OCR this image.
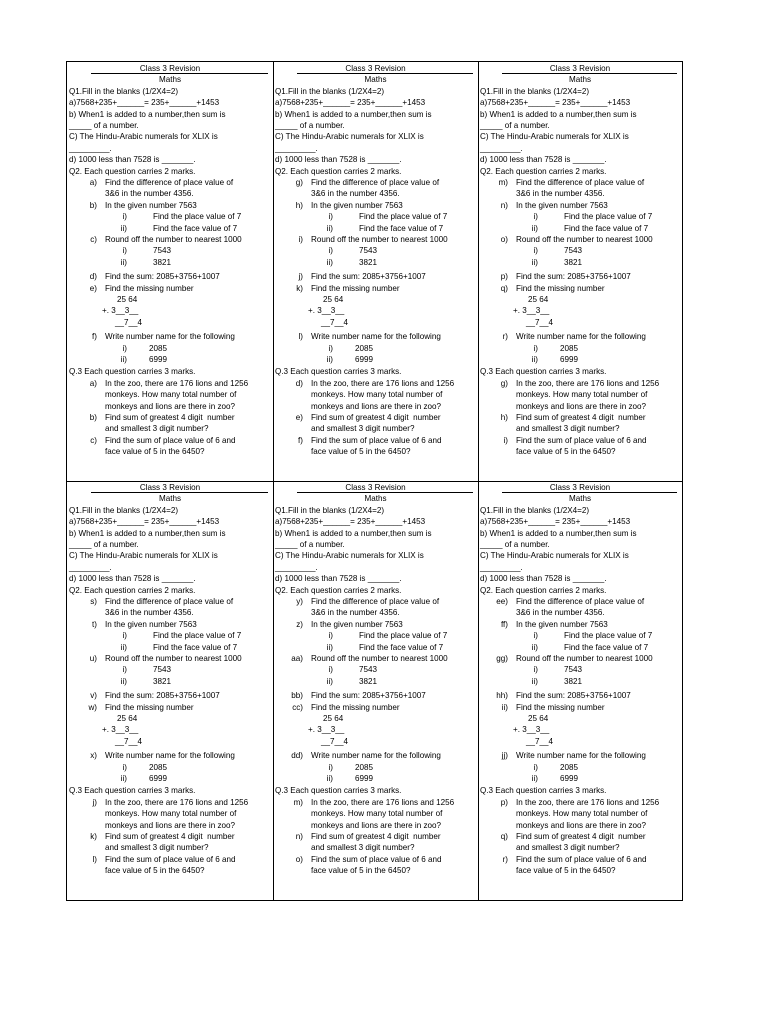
Class 3 Revision
Maths
Q1.Fill in the blanks (1/2X4=2)
a)7568+235+______= 235+______+1453
b) When1 is added to a number,then sum is
_____ of a number.
C) The Hindu-Arabic numerals for XLIX is
_________.
d) 1000 less than 7528 is _______.
Q2. Each question carries 2 marks.
a) Find the difference of place value of
3&6 in the number 4356.
b) In the given number 7563
i)	Find the place value of 7
ii)	Find the face value of 7
c) Round off the number to nearest 1000
i)	7543
ii)	3821
d) Find the sum: 2085+3756+1007
e) Find the missing number
25 64
+. 3__3__
__7__4
f) Write number name for the following
i)	2085
ii)	6999
Q.3 Each question carries 3 marks.
a) In the zoo, there are 176 lions and 1256
monkeys. How many total number of
monkeys and lions are there in zoo?
b) Find sum of greatest 4 digit  number
and smallest 3 digit number?
c) Find the sum of place value of 6 and
face value of 5 in the 6450?
Class 3 Revision
Maths
Q1.Fill in the blanks (1/2X4=2)
a)7568+235+______= 235+______+1453
b) When1 is added to a number,then sum is
_____ of a number.
C) The Hindu-Arabic numerals for XLIX is
_________.
d) 1000 less than 7528 is _______.
Q2. Each question carries 2 marks.
g) Find the difference of place value of
3&6 in the number 4356.
h) In the given number 7563
i)	Find the place value of 7
ii)	Find the face value of 7
i) Round off the number to nearest 1000
i)	7543
ii)	3821
j) Find the sum: 2085+3756+1007
k) Find the missing number
25 64
+. 3__3__
__7__4
l) Write number name for the following
i)	2085
ii)	6999
Q.3 Each question carries 3 marks.
d) In the zoo, there are 176 lions and 1256
monkeys. How many total number of
monkeys and lions are there in zoo?
e) Find sum of greatest 4 digit  number
and smallest 3 digit number?
f) Find the sum of place value of 6 and
face value of 5 in the 6450?
Class 3 Revision
Maths
Q1.Fill in the blanks (1/2X4=2)
a)7568+235+______= 235+______+1453
b) When1 is added to a number,then sum is
_____ of a number.
C) The Hindu-Arabic numerals for XLIX is
_________.
d) 1000 less than 7528 is _______.
Q2. Each question carries 2 marks.
m) Find the difference of place value of
3&6 in the number 4356.
n) In the given number 7563
i)	Find the place value of 7
ii)	Find the face value of 7
o) Round off the number to nearest 1000
i)	7543
ii)	3821
p) Find the sum: 2085+3756+1007
q) Find the missing number
25 64
+. 3__3__
__7__4
r) Write number name for the following
i)	2085
ii)	6999
Q.3 Each question carries 3 marks.
g) In the zoo, there are 176 lions and 1256
monkeys. How many total number of
monkeys and lions are there in zoo?
h) Find sum of greatest 4 digit  number
and smallest 3 digit number?
i) Find the sum of place value of 6 and
face value of 5 in the 6450?
Class 3 Revision
Maths
Q1.Fill in the blanks (1/2X4=2)
a)7568+235+______= 235+______+1453
b) When1 is added to a number,then sum is
_____ of a number.
C) The Hindu-Arabic numerals for XLIX is
_________.
d) 1000 less than 7528 is _______.
Q2. Each question carries 2 marks.
s) Find the difference of place value of
3&6 in the number 4356.
t) In the given number 7563
i)	Find the place value of 7
ii)	Find the face value of 7
u) Round off the number to nearest 1000
i)	7543
ii)	3821
v) Find the sum: 2085+3756+1007
w) Find the missing number
25 64
+. 3__3__
__7__4
x) Write number name for the following
i)	2085
ii)	6999
Q.3 Each question carries 3 marks.
j) In the zoo, there are 176 lions and 1256
monkeys. How many total number of
monkeys and lions are there in zoo?
k) Find sum of greatest 4 digit  number
and smallest 3 digit number?
l) Find the sum of place value of 6 and
face value of 5 in the 6450?
Class 3 Revision
Maths
Q1.Fill in the blanks (1/2X4=2)
a)7568+235+______= 235+______+1453
b) When1 is added to a number,then sum is
_____ of a number.
C) The Hindu-Arabic numerals for XLIX is
_________.
d) 1000 less than 7528 is _______.
Q2. Each question carries 2 marks.
y) Find the difference of place value of
3&6 in the number 4356.
z) In the given number 7563
i)	Find the place value of 7
ii)	Find the face value of 7
aa) Round off the number to nearest 1000
i)	7543
ii)	3821
bb) Find the sum: 2085+3756+1007
cc) Find the missing number
25 64
+. 3__3__
__7__4
dd) Write number name for the following
i)	2085
ii)	6999
Q.3 Each question carries 3 marks.
m) In the zoo, there are 176 lions and 1256
monkeys. How many total number of
monkeys and lions are there in zoo?
n) Find sum of greatest 4 digit  number
and smallest 3 digit number?
o) Find the sum of place value of 6 and
face value of 5 in the 6450?
Class 3 Revision
Maths
Q1.Fill in the blanks (1/2X4=2)
a)7568+235+______= 235+______+1453
b) When1 is added to a number,then sum is
_____ of a number.
C) The Hindu-Arabic numerals for XLIX is
_________.
d) 1000 less than 7528 is _______.
Q2. Each question carries 2 marks.
ee) Find the difference of place value of
3&6 in the number 4356.
ff) In the given number 7563
i)	Find the place value of 7
ii)	Find the face value of 7
gg) Round off the number to nearest 1000
i)	7543
ii)	3821
hh) Find the sum: 2085+3756+1007
ii) Find the missing number
25 64
+. 3__3__
__7__4
jj) Write number name for the following
i)	2085
ii)	6999
Q.3 Each question carries 3 marks.
p) In the zoo, there are 176 lions and 1256
monkeys. How many total number of
monkeys and lions are there in zoo?
q) Find sum of greatest 4 digit  number
and smallest 3 digit number?
r) Find the sum of place value of 6 and
face value of 5 in the 6450?
